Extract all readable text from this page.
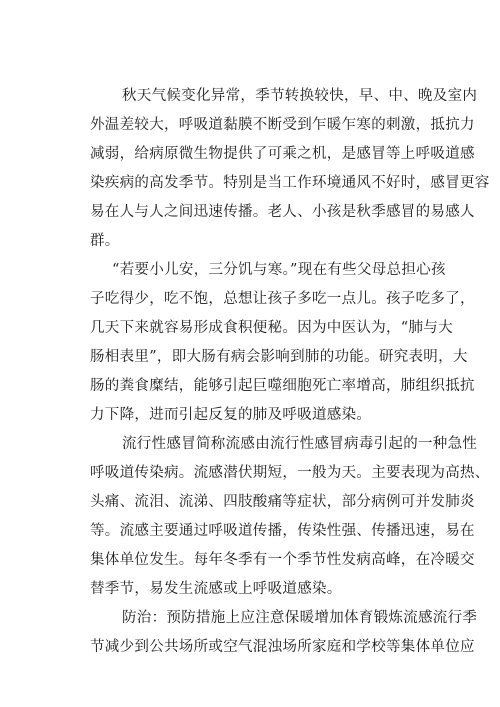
秋天气候变化异常，季节转换较快，早、中、晚及室内

外温差较大，呼吸道黏膜不断受到乍暖乍寒的刺激，抵抗力

减弱，给病原微生物提供了可乘之机，是感冒等上呼吸道感

染疾病的高发季节。特别是当工作环境通风不好时，感冒更容

易在人与人之间迅速传播。老人、小孩是秋季感冒的易感人

群。

“若要小儿安，三分饥与寒。”现在有些父母总担心孩

子吃得少，吃不饱，总想让孩子多吃一点儿。孩子吃多了，

几天下来就容易形成食积便秘。因为中医认为，“肺与大

肠相表里”，即大肠有病会影响到肺的功能。研究表明，大

肠的粪食糜结，能够引起巨噬细胞死亡率增高，肺组织抵抗

力下降，进而引起反复的肺及呼吸道感染。

流行性感冒简称流感由流行性感冒病毒引起的一种急性

呼吸道传染病。流感潜伏期短，一般为天。主要表现为高热、

头痛、流泪、流涕、四肢酸痛等症状，部分病例可并发肺炎

等。流感主要通过呼吸道传播，传染性强、传播迅速，易在

集体单位发生。每年冬季有一个季节性发病高峰，在冷暖交

替季节，易发生流感或上呼吸道感染。

防治：预防措施上应注意保暖增加体育锻炼流感流行季

节减少到公共场所或空气混浊场所家庭和学校等集体单位应
